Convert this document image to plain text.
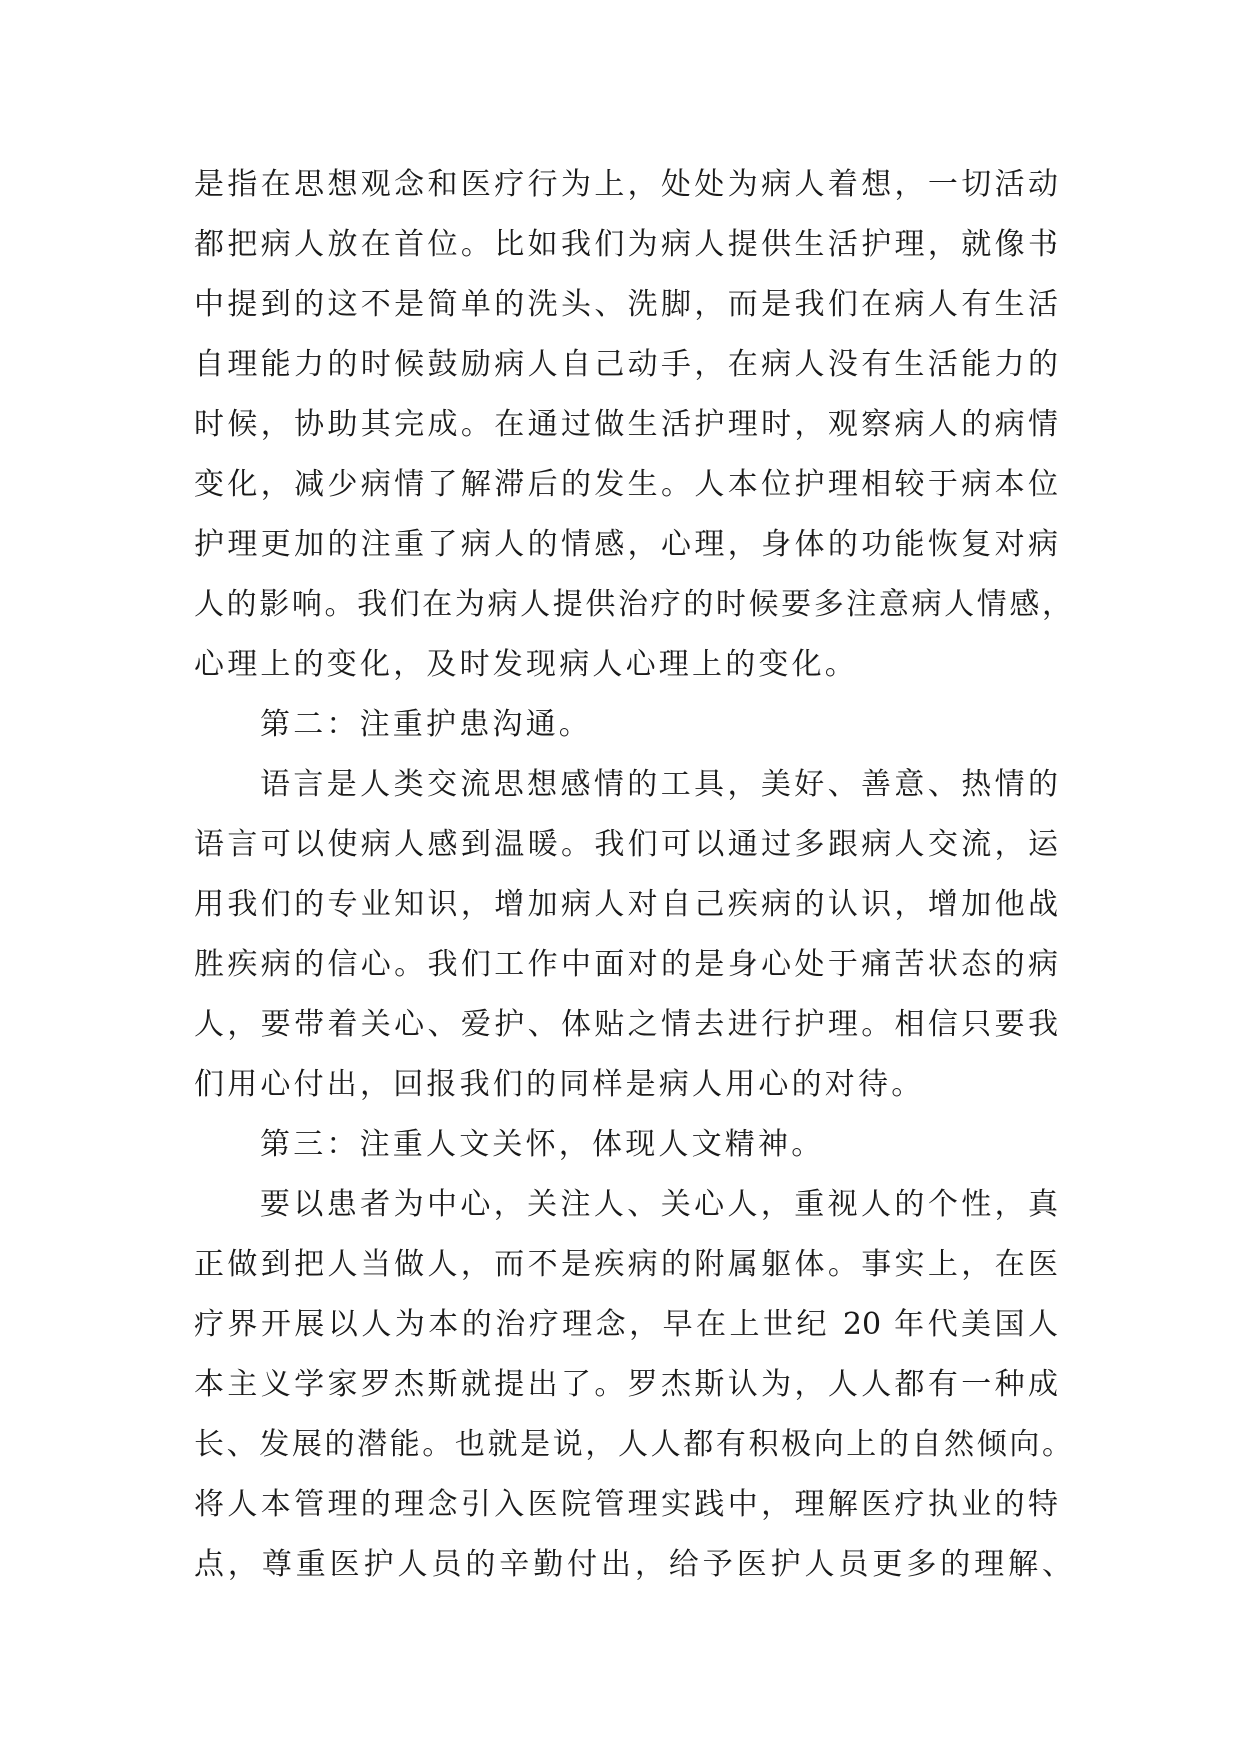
是指在思想观念和医疗行为上，处处为病人着想，一切活动
都把病人放在首位。比如我们为病人提供生活护理，就像书
中提到的这不是简单的洗头、洗脚，而是我们在病人有生活
自理能力的时候鼓励病人自己动手，在病人没有生活能力的
时候，协助其完成。在通过做生活护理时，观察病人的病情
变化，减少病情了解滞后的发生。人本位护理相较于病本位
护理更加的注重了病人的情感，心理，身体的功能恢复对病
人的影响。我们在为病人提供治疗的时候要多注意病人情感，
心理上的变化，及时发现病人心理上的变化。
第二：注重护患沟通。
语言是人类交流思想感情的工具，美好、善意、热情的
语言可以使病人感到温暖。我们可以通过多跟病人交流，运
用我们的专业知识，增加病人对自己疾病的认识，增加他战
胜疾病的信心。我们工作中面对的是身心处于痛苦状态的病
人，要带着关心、爱护、体贴之情去进行护理。相信只要我
们用心付出，回报我们的同样是病人用心的对待。
第三：注重人文关怀，体现人文精神。
要以患者为中心，关注人、关心人，重视人的个性，真
正做到把人当做人，而不是疾病的附属躯体。事实上，在医
疗界开展以人为本的治疗理念，早在上世纪 20 年代美国人
本主义学家罗杰斯就提出了。罗杰斯认为，人人都有一种成
长、发展的潜能。也就是说，人人都有积极向上的自然倾向。
将人本管理的理念引入医院管理实践中，理解医疗执业的特
点，尊重医护人员的辛勤付出，给予医护人员更多的理解、
